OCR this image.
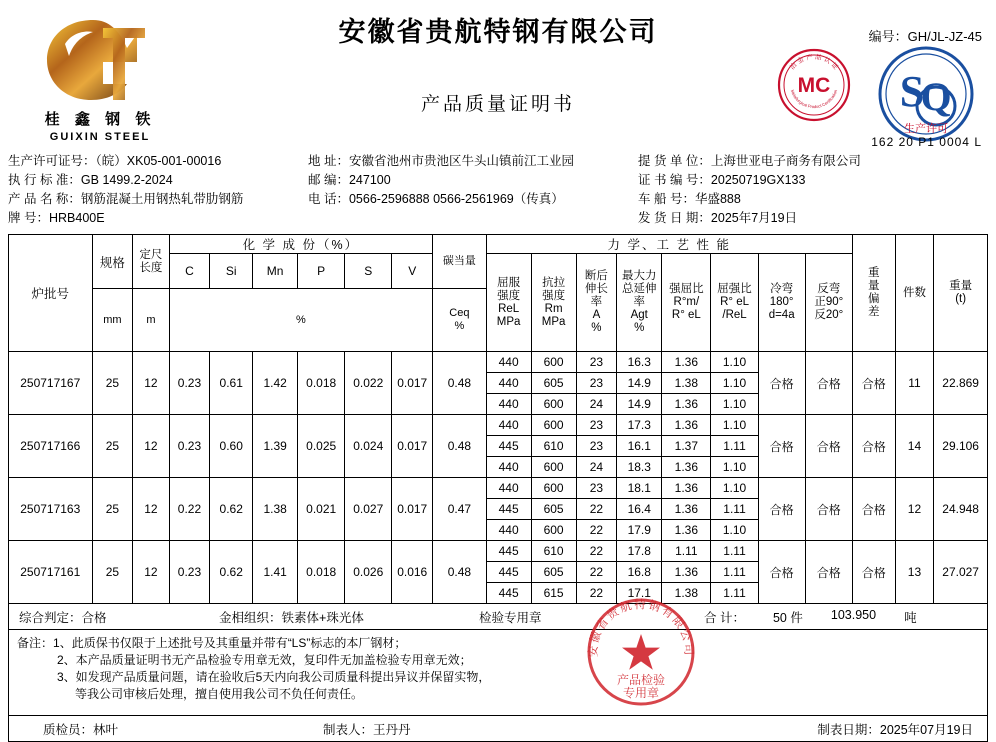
桂 鑫 钢 铁
GUIXIN STEEL
安徽省贵航特钢有限公司
产品质量证明书
编号：GH/JL-JZ-45
冶 金 产 品 认 证
Metallurgical Product Certification
MC S
Q
生产许可
162 20 P1 0004 L
生产许可证号：（皖）XK05-001-00016
执 行 标 准：GB 1499.2-2024
产 品 名 称：钢筋混凝土用钢热轧带肋钢筋
牌 号：HRB400E
地 址：安徽省池州市贵池区牛头山镇前江工业园
邮 编：247100
电 话：0566-2596888 0566-2561969（传真）

提 货 单 位：上海世亚电子商务有限公司
证 书 编 号：20250719GX133
车 船 号：华盛888
发 货 日 期：2025年7月19日
炉批号	规格	定尺
长度	化 学 成 份（%）						碳当量	力 学、工 艺 性 能								重
量
偏
差	件数	重量
(t)
			C	Si	Mn	P	S	V		屈服
强度
ReL
MPa	抗拉
强度
Rm
MPa	断后
伸长
率
A
%	最大力
总延伸
率
Agt
%	强屈比
R°m/
R° eL	屈强比
R° eL
/ReL	冷弯
180°
d=4a	反弯
正90°
反20°			

	mm	m	%						Ceq
%											
250717167	25	12	0.23	0.61	1.42	0.018	0.022	0.017	0.48	440	600	23	16.3	1.36	1.10	合格	合格	合格	11	22.869
										440	605	23	14.9	1.38	1.10					
										440	600	24	14.9	1.36	1.10					
250717166	25	12	0.23	0.60	1.39	0.025	0.024	0.017	0.48	440	600	23	17.3	1.36	1.10	合格	合格	合格	14	29.106
										445	610	23	16.1	1.37	1.11					
										440	600	24	18.3	1.36	1.10					
250717163	25	12	0.22	0.62	1.38	0.021	0.027	0.017	0.47	440	600	23	18.1	1.36	1.10	合格	合格	合格	12	24.948
										445	605	22	16.4	1.36	1.11					
										440	600	22	17.9	1.36	1.10					
250717161	25	12	0.23	0.62	1.41	0.018	0.026	0.016	0.48	445	610	22	17.8	1.11	1.11	合格	合格	合格	13	27.027
										445	605	22	16.8	1.36	1.11					
										445	615	22	17.1	1.38	1.11					
综合判定：合格	金相组织：铁素体+珠光体	检验专用章	合 计： 50 件 103.950 吨
备注：1、此质保书仅限于上述批号及其重量并带有“LS”标志的本厂钢材；
2、本产品质量证明书无产品检验专用章无效，复印件无加盖检验专用章无效；
3、如发现产品质量问题，请在验收后5天内向我公司质量科提出异议并保留实物，
等我公司审核后处理，擅自使用我公司不负任何责任。
安徽省贵航特钢有限公司
产品检验
专用章
质检员：林叶	制表人：王丹丹	制表日期：2025年07月19日
